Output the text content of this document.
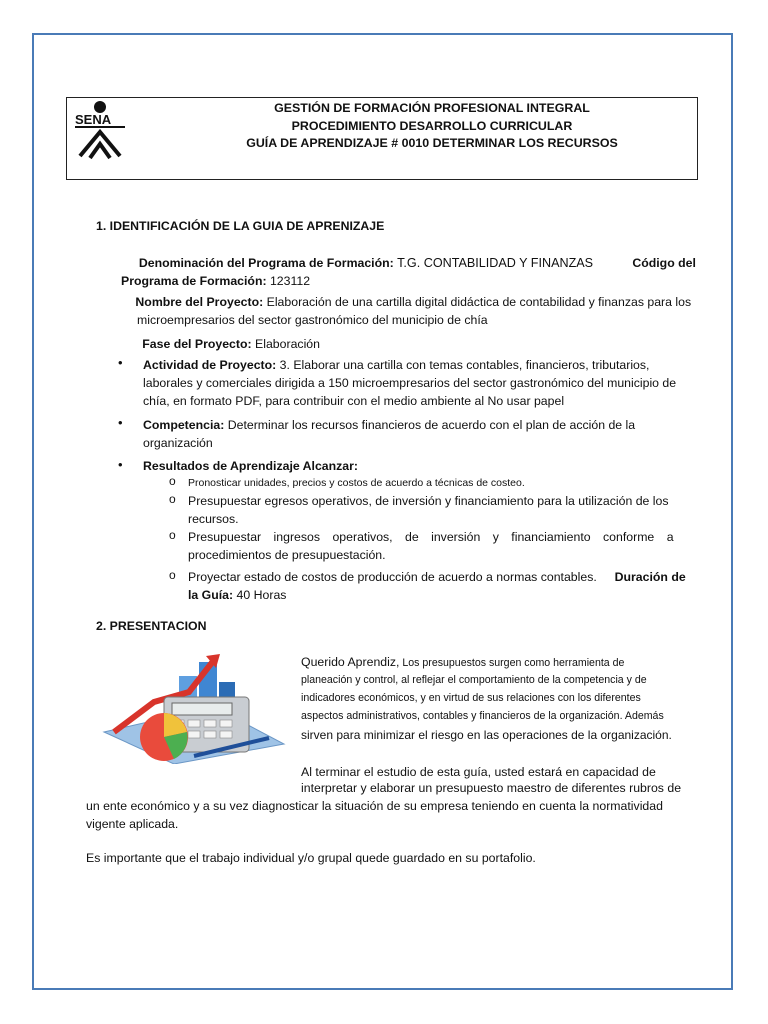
SENA
GESTIÓN DE FORMACIÓN PROFESIONAL INTEGRAL
PROCEDIMIENTO DESARROLLO CURRICULAR
GUÍA DE APRENDIZAJE # 0010 DETERMINAR LOS RECURSOS
1. IDENTIFICACIÓN DE LA GUIA DE APRENIZAJE
Denominación del Programa de Formación: T.G. CONTABILIDAD Y FINANZAS	Código del
Programa de Formación: 123112
Nombre del Proyecto: Elaboración de una cartilla digital didáctica de contabilidad y finanzas para los
microempresarios del sector gastronómico del municipio de chía
Fase del Proyecto: Elaboración
• Actividad de Proyecto: 3. Elaborar una cartilla con temas contables, financieros, tributarios,
laborales y comerciales dirigida a 150 microempresarios del sector gastronómico del municipio de
chía, en formato PDF, para contribuir con el medio ambiente al No usar papel
• Competencia: Determinar los recursos financieros de acuerdo con el plan de acción de la
organización
• Resultados de Aprendizaje Alcanzar:
o Pronosticar unidades, precios y costos de acuerdo a técnicas de costeo.
o Presupuestar egresos operativos, de inversión y financiamiento para la utilización de los
recursos.
o Presupuestar ingresos operativos, de inversión y financiamiento conforme a
procedimientos de presupuestación.
o Proyectar estado de costos de producción de acuerdo a normas contables. Duración de
la Guía: 40 Horas
2. PRESENTACION
Querido Aprendiz, Los presupuestos surgen como herramienta de
planeación y control, al reflejar el comportamiento de la competencia y de
indicadores económicos, y en virtud de sus relaciones con los diferentes
aspectos administrativos, contables y financieros de la organización. Además
sirven para minimizar el riesgo en las operaciones de la organización.
Al terminar el estudio de esta guía, usted estará en capacidad de
interpretar y elaborar un presupuesto maestro de diferentes rubros de
un ente económico y a su vez diagnosticar la situación de su empresa teniendo en cuenta la normatividad
vigente aplicada.
Es importante que el trabajo individual y/o grupal quede guardado en su portafolio.
